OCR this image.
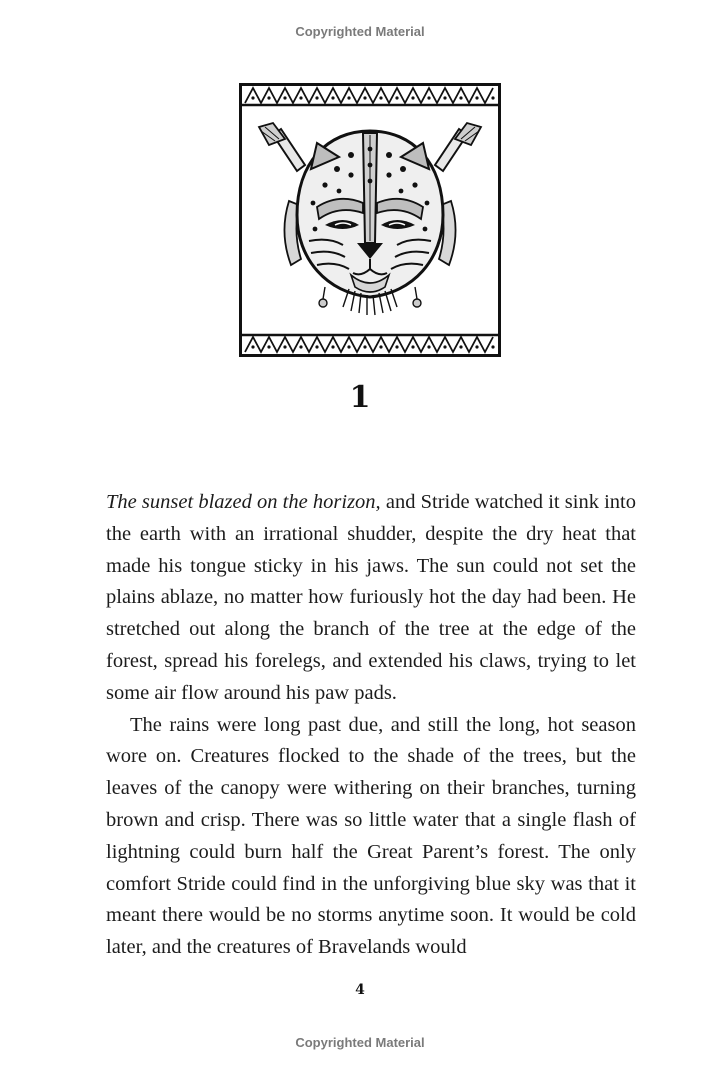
Copyrighted Material
1

The sunset blazed on the horizon, and Stride watched it sink into the earth with an irrational shudder, despite the dry heat that made his tongue sticky in his jaws. The sun could not set the plains ablaze, no matter how furiously hot the day had been. He stretched out along the branch of the tree at the edge of the forest, spread his forelegs, and extended his claws, trying to let some air flow around his paw pads.

The rains were long past due, and still the long, hot season wore on. Creatures flocked to the shade of the trees, but the leaves of the canopy were withering on their branches, turning brown and crisp. There was so little water that a single flash of lightning could burn half the Great Parent’s forest. The only comfort Stride could find in the unforgiving blue sky was that it meant there would be no storms anytime soon. It would be cold later, and the creatures of Bravelands would

4
Copyrighted Material
